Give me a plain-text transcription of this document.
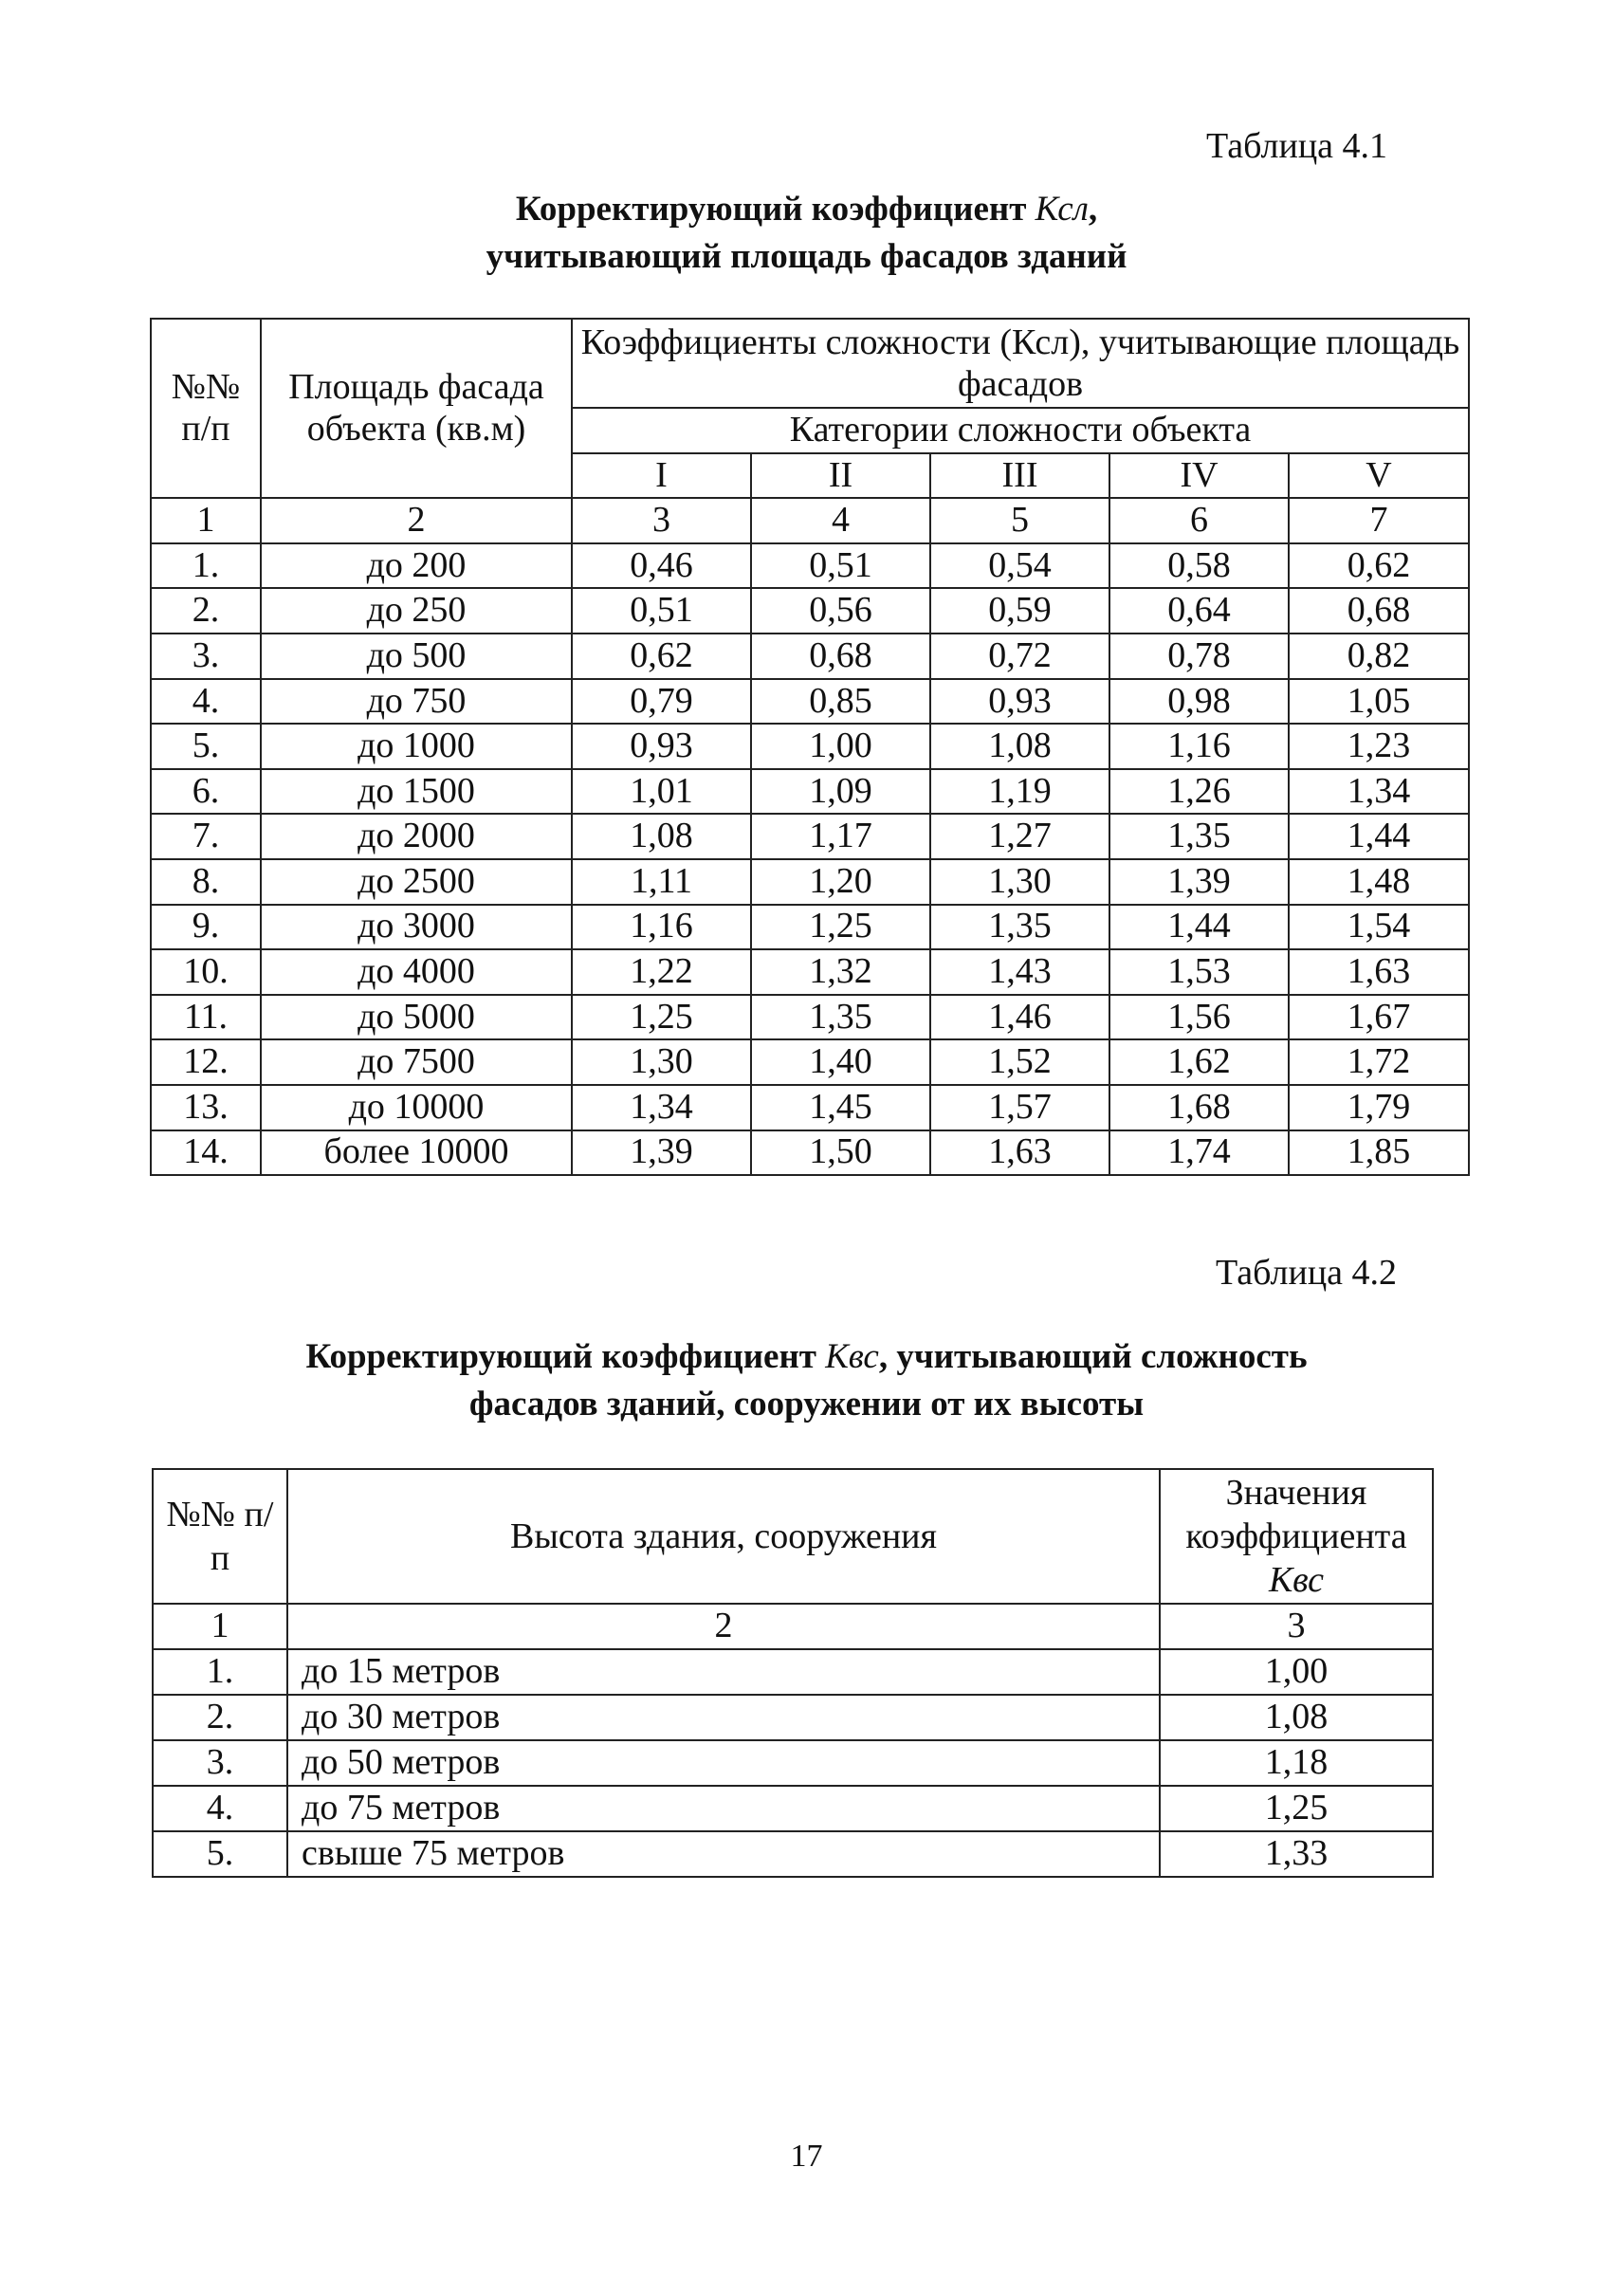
Таблица 4.1
Корректирующий коэффициент Ксл,
учитывающий площадь фасадов зданий
№№ п/п	Площадь фасада объекта (кв.м)	Коэффициенты сложности (Ксл), учитывающие площадь фасадов				
		Категории сложности объекта				
		I	II	III	IV	V
1	2	3	4	5	6	7
1.	до 200	0,46	0,51	0,54	0,58	0,62
2.	до 250	0,51	0,56	0,59	0,64	0,68
3.	до 500	0,62	0,68	0,72	0,78	0,82
4.	до 750	0,79	0,85	0,93	0,98	1,05
5.	до 1000	0,93	1,00	1,08	1,16	1,23
6.	до 1500	1,01	1,09	1,19	1,26	1,34
7.	до 2000	1,08	1,17	1,27	1,35	1,44
8.	до 2500	1,11	1,20	1,30	1,39	1,48
9.	до 3000	1,16	1,25	1,35	1,44	1,54
10.	до 4000	1,22	1,32	1,43	1,53	1,63
11.	до 5000	1,25	1,35	1,46	1,56	1,67
12.	до 7500	1,30	1,40	1,52	1,62	1,72
13.	до 10000	1,34	1,45	1,57	1,68	1,79
14.	более 10000	1,39	1,50	1,63	1,74	1,85
Таблица 4.2
Корректирующий коэффициент Квс, учитывающий сложность
фасадов зданий, сооружении от их высоты
№№ п/п	Высота здания, сооружения	Значения коэффициента
Квс
1	2	3
1.	до 15 метров	1,00
2.	до 30 метров	1,08
3.	до 50 метров	1,18
4.	до 75 метров	1,25
5.	свыше 75 метров	1,33
17
